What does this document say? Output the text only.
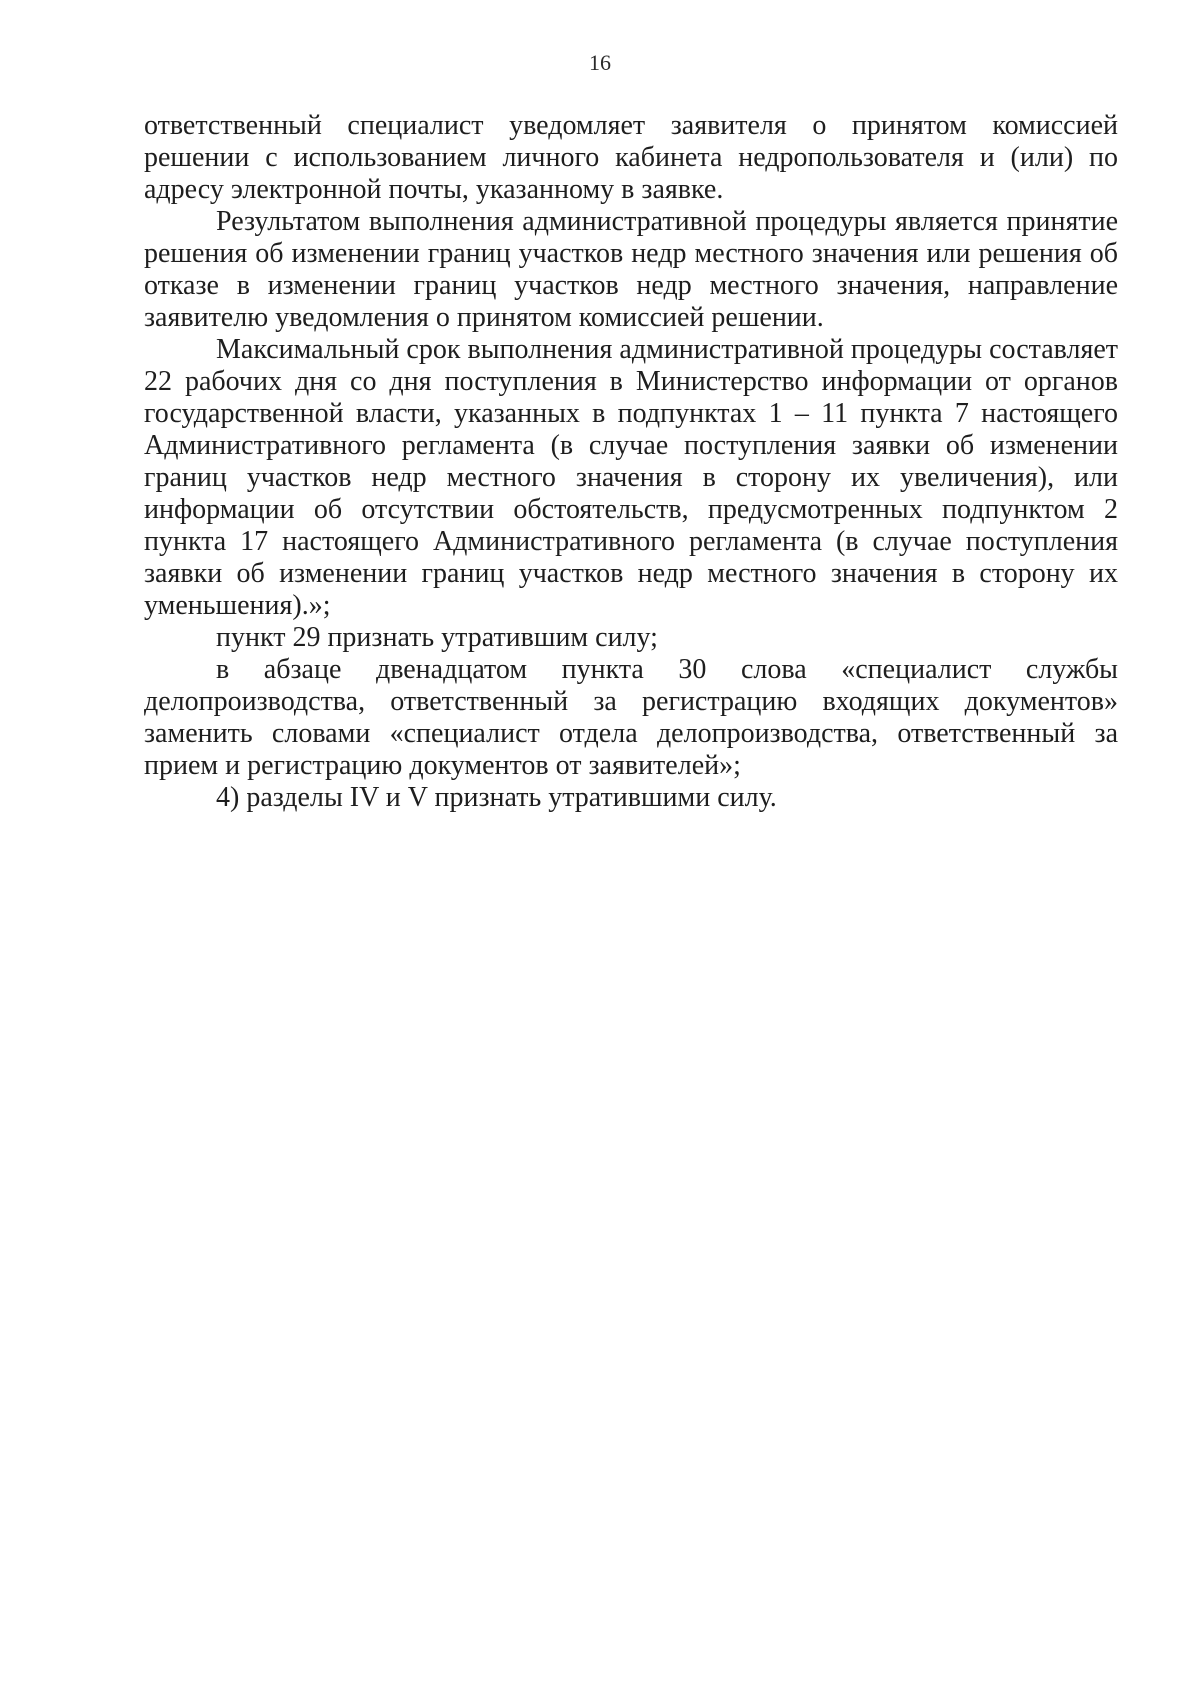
16

ответственный специалист уведомляет заявителя о принятом комиссией решении с использованием личного кабинета недропользователя и (или) по адресу электронной почты, указанному в заявке.

Результатом выполнения административной процедуры является принятие решения об изменении границ участков недр местного значения или решения об отказе в изменении границ участков недр местного значения, направление заявителю уведомления о принятом комиссией решении.

Максимальный срок выполнения административной процедуры составляет 22 рабочих дня со дня поступления в Министерство информации от органов государственной власти, указанных в подпунктах 1 – 11 пункта 7 настоящего Административного регламента (в случае поступления заявки об изменении границ участков недр местного значения в сторону их увеличения), или информации об отсутствии обстоятельств, предусмотренных подпунктом 2 пункта 17 настоящего Административного регламента (в случае поступления заявки об изменении границ участков недр местного значения в сторону их уменьшения).»;

пункт 29 признать утратившим силу;

в абзаце двенадцатом пункта 30 слова «специалист службы делопроизводства, ответственный за регистрацию входящих документов» заменить словами «специалист отдела делопроизводства, ответственный за прием и регистрацию документов от заявителей»;

4) разделы IV и V признать утратившими силу.
